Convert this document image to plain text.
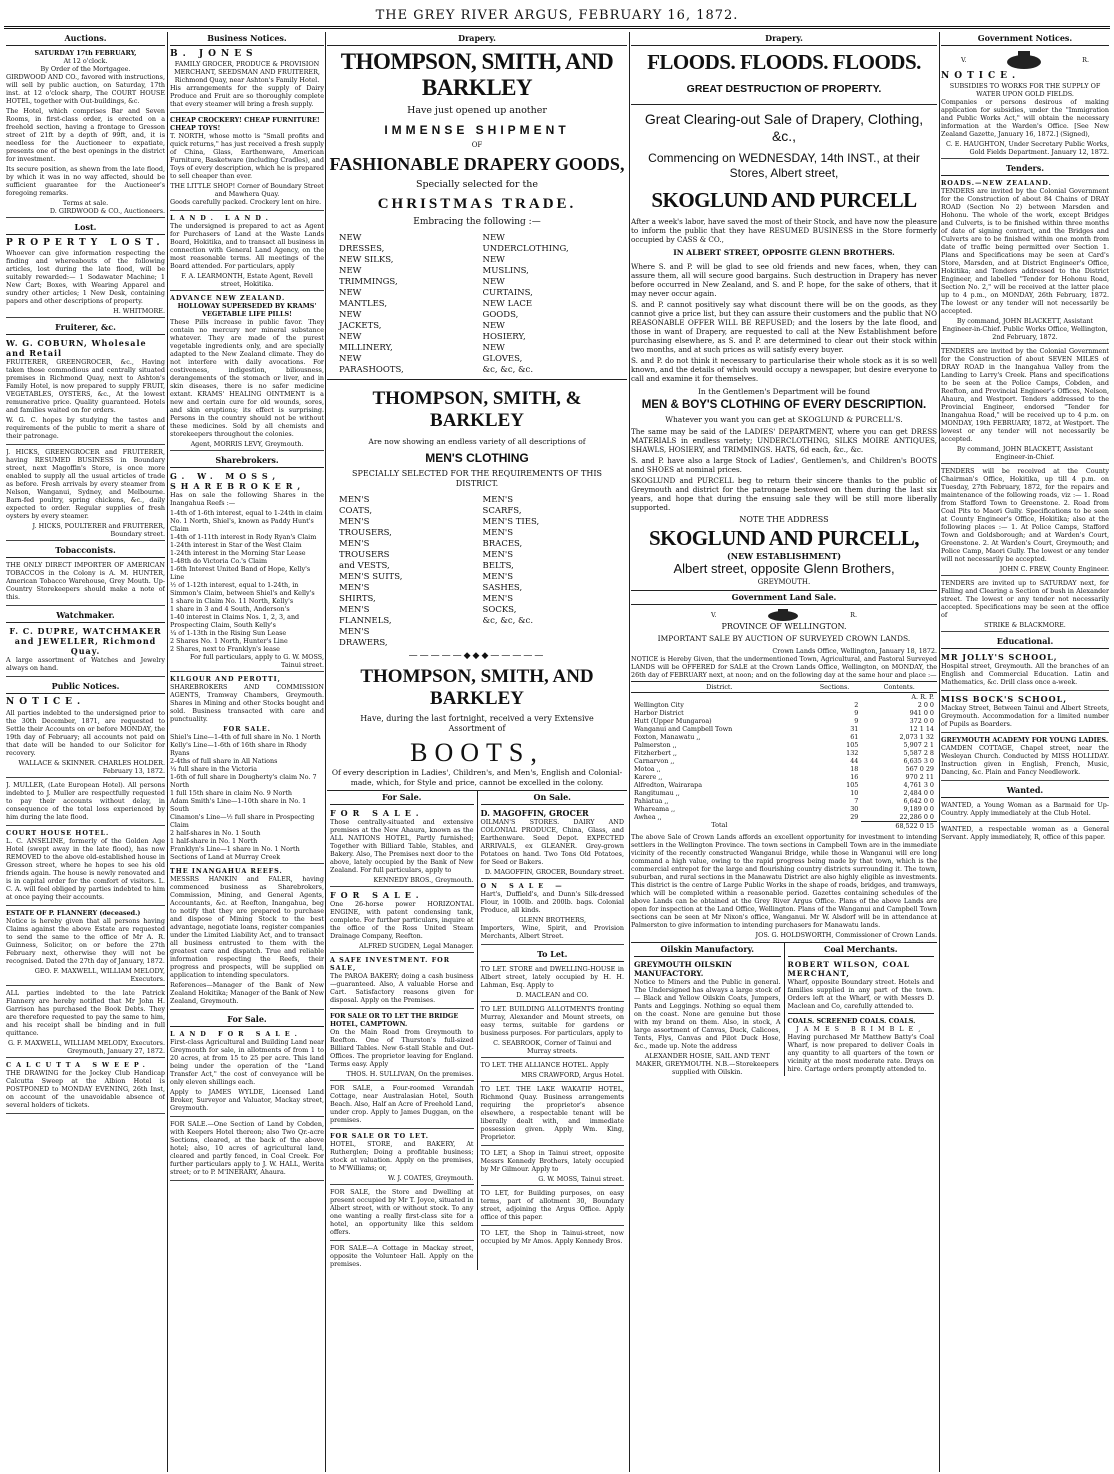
THE GREY RIVER ARGUS, FEBRUARY 16, 1872.
Auctions.
SATURDAY 17th FEBRUARY,
At 12 o'clock.
By Order of the Mortgagee.

GIRDWOOD AND CO., favored with instructions, will sell by public auction, on Saturday, 17th inst. at 12 o'clock sharp, The COURT HOUSE HOTEL, together with Out-buildings, &c.

The Hotel, which comprises Bar and Seven Rooms, in first-class order, is erected on a freehold section, having a frontage to Gresson street of 21ft by a depth of 99ft, and, it is needless for the Auctioneer to expatiate, presents one of the best openings in the district for investment.

Its secure position, as shewn from the late flood, by which it was in no way affected, should be sufficient guarantee for the Auctioneer's foregoing remarks.

Terms at sale.
D. GIRDWOOD & CO., Auctioneers.
Lost.
PROPERTY LOST.

Whoever can give information respecting the finding and whereabouts of the following articles, lost during the late flood, will be suitably rewarded:— 1 Sodawater Machine; 1 New Cart; Boxes, with Wearing Apparel and sundry other articles; 1 New Desk, containing papers and other descriptions of property.

H. WHITMORE.
Fruiterer, &c.
W. G. COBURN, Wholesale and Retail

FRUITERER, GREENGROCER, &c., Having taken those commodious and centrally situated premises in Richmond Quay, next to Ashton's Family Hotel, is now prepared to supply FRUIT, VEGETABLES, OYSTERS, &c., At the lowest remunerative price. Quality guaranteed. Hotels and families waited on for orders.

W. G. C. hopes by studying the tastes and requirements of the public to merit a share of their patronage.

J. HICKS, GREENGROCER and FRUITERER, having RESUMED BUSINESS in Boundary street, next Magoffin's Store, is once more enabled to supply all the usual articles of trade as before. Fresh arrivals by every steamer from Nelson, Wanganui, Sydney, and Melbourne. Barn-fed poultry, spring chickens, &c., daily expected to order. Regular supplies of fresh oysters by every steamer.

J. HICKS, POULTERER and FRUITERER, Boundary street.
Tobacconists.

THE ONLY DIRECT IMPORTER OF AMERICAN TOBACCOS in the Colony is A. M. HUNTER, American Tobacco Warehouse, Grey Mouth. Up-Country Storekeepers should make a note of this.

Watchmaker.
F. C. DUPRE, WATCHMAKER and JEWELLER, Richmond Quay.

A large assortment of Watches and Jewelry always on hand.

Public Notices.
NOTICE.

All parties indebted to the undersigned prior to the 30th December, 1871, are requested to Settle their Accounts on or before MONDAY, the 19th day of February; all accounts not paid on that date will be handed to our Solicitor for recovery.

WALLACE & SKINNER. CHARLES HOLDER. February 13, 1872.

J. MULLER, (Late European Hotel). All persons indebted to J. Muller are respectfully requested to pay their accounts without delay, in consequence of the total loss experienced by him during the late flood.

COURT HOUSE HOTEL.

L. C. ANSELINE, formerly of the Golden Age Hotel (swept away in the late flood), has now REMOVED to the above old-established house in Gresson street, where he hopes to see his old friends again. The house is newly renovated and is in capital order for the comfort of visitors. L. C. A. will feel obliged by parties indebted to him at once paying their accounts.

ESTATE OF P. FLANNERY (deceased.)

Notice is hereby given that all persons having Claims against the above Estate are requested to send the same to the office of Mr A. R. Guinness, Solicitor, on or before the 27th February next, otherwise they will not be recognised. Dated the 27th day of January, 1872.

GEO. F. MAXWELL, WILLIAM MELODY, Executors.

ALL parties indebted to the late Patrick Flannery are hereby notified that Mr John H. Garrison has purchased the Book Debts. They are therefore requested to pay the same to him, and his receipt shall be binding and in full quittance.

G. F. MAXWELL, WILLIAM MELODY, Executors. Greymouth, January 27, 1872.
CALCUTTA SWEEP.

THE DRAWING for the Jockey Club Handicap Calcutta Sweep at the Albion Hotel is POSTPONED to MONDAY EVENING, 26th Inst, on account of the unavoidable absence of several holders of tickets.

Business Notices.
B. JONES
FAMILY GROCER, PRODUCE & PROVISION MERCHANT, SEEDSMAN AND FRUITERER, Richmond Quay, near Ashton's Family Hotel.

His arrangements for the supply of Dairy Produce and Fruit are so thoroughly complete that every steamer will bring a fresh supply.

CHEAP CROCKERY! CHEAP FURNITURE! CHEAP TOYS!

T. NORTH, whose motto is "Small profits and quick returns," has just received a fresh supply of China, Glass, Earthenware, American Furniture, Basketware (including Cradles), and Toys of every description, which he is prepared to sell cheaper than ever.

THE LITTLE SHOP! Corner of Boundary Street and Mawhera Quay.

Goods carefully packed. Crockery lent on hire.

LAND. LAND.

The undersigned is prepared to act as Agent for Purchasers of Land at the Waste Lands Board, Hokitika, and to transact all business in connection with General Land Agency, on the most reasonable terms. All meetings of the Board attended. For particulars, apply

F. A. LEARMONTH, Estate Agent, Revell street, Hokitika.
ADVANCE NEW ZEALAND.
HOLLOWAY SUPERSEDED BY KRAMS' VEGETABLE LIFE PILLS!

These Pills increase in public favor. They contain no mercury nor mineral substance whatever. They are made of the purest vegetable ingredients only, and are specially adapted to the New Zealand climate. They do not interfere with daily avocations. For costiveness, indigestion, biliousness, derangements of the stomach or liver, and in skin diseases, there is no safer medicine extant. KRAMS' HEALING OINTMENT is a new and certain cure for old wounds, sores, and skin eruptions; its effect is surprising. Persons in the country should not be without these medicines. Sold by all chemists and storekeepers throughout the colonies.

Agent, MORRIS LEVY, Greymouth.
Sharebrokers.
G. W. MOSS, SHAREBROKER,

Has on sale the following Shares in the Inangahua Reefs :—

1-4th of 1-6th interest, equal to 1-24th in claim No. 1 North, Shiel's, known as Paddy Hunt's Claim
1-4th of 1-11th interest in Rody Ryan's Claim
1-24th interest in Star of the West Claim
1-24th interest in the Morning Star Lease
1-48th do Victoria Co.'s Claim
1-6th Interest United Band of Hope, Kelly's Line
½ of 1-12th interest, equal to 1-24th, in Simmon's Claim, between Shiel's and Kelly's
1 share in Claim No. 11 North, Kelly's
1 share in 3 and 4 South, Anderson's
1-40 interest in Claims Nos. 1, 2, 3, and Prospecting Claim, South Kelly's
¼ of 1-13th in the Rising Sun Lease
2 Shares No. 1 North, Hunter's Line
2 Shares, next to Franklyn's lease
For full particulars, apply to G. W. MOSS, Tainui street.
KILGOUR AND PEROTTI,

SHAREBROKERS AND COMMISSION AGENTS, Tramway Chambers, Greymouth. Shares in Mining and other Stocks bought and sold. Business transacted with care and punctuality.

FOR SALE.
Shiel's Line—1-4th of full share in No. 1 North
Kelly's Line—1-6th of 16th share in Rhody Ryans
2-4ths of full share in All Nations
¼ full share in the Victoria
1-6th of full share in Dougherty's claim No. 7 North
1 full 15th share in claim No. 9 North
Adam Smith's Line—1-10th share in No. 1 South
Cinamon's Line—½ full share in Prospecting Claim
2 half-shares in No. 1 South
1 half-share in No. 1 North
Franklyn's Line—1 share in No. 1 North Sections of Land at Murray Creek
THE INANGAHUA REEFS.

MESSRS HANKIN and FALER, having commenced business as Sharebrokers, Commission, Mining, and General Agents, Accountants, &c. at Reefton, Inangahua, beg to notify that they are prepared to purchase and dispose of Mining Stock to the best advantage, negotiate loans, register companies under the Limited Liability Act, and to transact all business entrusted to them with the greatest care and dispatch. True and reliable information respecting the Reefs, their progress and prospects, will be supplied on application to intending speculators.

References—Manager of the Bank of New Zealand Hokitika; Manager of the Bank of New Zealand, Greymouth.

For Sale.
LAND FOR SALE.

First-class Agricultural and Building Land near Greymouth for sale, in allotments of from 1 to 20 acres, at from 15 to 25 per acre. This land being under the operation of the "Land Transfer Act," the cost of conveyance will be only eleven shillings each.

Apply to JAMES WYLDE, Licensed Land Broker, Surveyor and Valuator, Mackay street, Greymouth.

FOR SALE.—One Section of Land by Cobden, with Keepers Hotel thereon; also Two Qr.-acre Sections, cleared, at the back of the above hotel; also, 10 acres of agricultural land, cleared and partly fenced, in Coal Creek. For further particulars apply to J. W. HALL, Werita street; or to P. M'INERARY, Ahaura.

Drapery.
THOMPSON, SMITH, AND BARKLEY
Have just opened up another
IMMENSE SHIPMENT
OF
FASHIONABLE DRAPERY GOODS,
Specially selected for the
CHRISTMAS TRADE.
Embracing the following :—
NEW DRESSES,
NEW SILKS,
NEW TRIMMINGS,
NEW MANTLES,
NEW JACKETS,
NEW MILLINERY,
NEW PARASHOOTS,
NEW UNDERCLOTHING,
NEW MUSLINS,
NEW CURTAINS,
NEW LACE GOODS,
NEW HOSIERY,
NEW GLOVES,
&c, &c, &c.
THOMPSON, SMITH, & BARKLEY
Are now showing an endless variety of all descriptions of
MEN'S CLOTHING
SPECIALLY SELECTED FOR THE REQUIREMENTS OF THIS DISTRICT.
MEN'S COATS,
MEN'S TROUSERS,
MEN'S TROUSERS and VESTS,
MEN'S SUITS,
MEN'S SHIRTS,
MEN'S FLANNELS,
MEN'S DRAWERS,
MEN'S SCARFS,
MEN'S TIES,
MEN'S BRACES,
MEN'S BELTS,
MEN'S SASHES,
MEN'S SOCKS,
&c, &c, &c.
—————◆◆◆—————
THOMPSON, SMITH, AND BARKLEY
Have, during the last fortnight, received a very Extensive Assortment of
BOOTS,
Of every description in Ladies', Children's, and Men's, English and Colonial-made, which, for Style and price, cannot be excelled in the colony.
For Sale.
FOR SALE.

Those centrally-situated and extensive premises at the New Ahaura, known as the ALL NATIONS HOTEL, Partly furnished; Together with Billiard Table, Stables, and Bakery. Also, The Premises next door to the above, lately occupied by the Bank of New Zealand. For full particulars, apply to

KENNEDY BROS., Greymouth.
FOR SALE.

One 26-horse power HORIZONTAL ENGINE, with patent condensing tank, complete. For further particulars, inquire at the office of the Ross United Steam Drainage Company, Reefton.

ALFRED SUGDEN, Legal Manager.
A SAFE INVESTMENT. FOR SALE,

The PAROA BAKERY; doing a cash business—guaranteed. Also, A valuable Horse and Cart. Satisfactory reasons given for disposal. Apply on the Premises.

FOR SALE OR TO LET THE BRIDGE HOTEL, CAMPTOWN.

On the Main Road from Greymouth to Reefton. One of Thurston's full-sized Billiard Tables. New 6-stall Stable and Out-Offices. The proprietor leaving for England. Terms easy. Apply

THOS. H. SULLIVAN, On the premises.

FOR SALE, a Four-roomed Verandah Cottage, near Australasian Hotel, South Beach. Also, Half an Acre of Freehold Land, under crop. Apply to James Duggan, on the premises.

FOR SALE OR TO LET.

HOTEL, STORE, and BAKERY, At Rutherglen; Doing a profitable business; stock at valuation. Apply on the premises, to M'Williams; or,

W. J. COATES, Greymouth.

FOR SALE, the Store and Dwelling at present occupied by Mr T. Joyce, situated in Albert street, with or without stock. To any one wanting a really first-class site for a hotel, an opportunity like this seldom offers.

FOR SALE—A Cottage in Mackay street, opposite the Volunteer Hall. Apply on the premises.

On Sale.
D. MAGOFFIN, GROCER

OILMAN'S STORES. DAIRY AND COLONIAL PRODUCE, China, Glass, and Earthenware. Seed Depot. EXPECTED ARRIVALS, ex GLEANER. Grey-grown Potatoes on hand. Two Tons Old Potatoes, for Seed or Bakers.

D. MAGOFFIN, GROCER, Boundary street.
ON SALE —

Hart's, Duffield's, and Dunn's Silk-dressed Flour, in 100lb. and 200lb. bags. Colonial Produce, all kinds.

GLENN BROTHERS,

Importers, Wine, Spirit, and Provision Merchants, Albert Street.

To Let.

TO LET. STORE and DWELLING-HOUSE in Albert street, lately occupied by H. H. Lahman, Esq. Apply to

D. MACLEAN and CO.

TO LET. BUILDING ALLOTMENTS fronting Murray, Alexander and Mount streets, on easy terms, suitable for gardens or business purposes. For particulars, apply to

C. SEABROOK, Corner of Tainui and Murray streets.

TO LET. THE ALLIANCE HOTEL. Apply

MRS CRAWFORD, Argus Hotel.

TO LET. THE LAKE WAKATIP HOTEL, Richmond Quay. Business arrangements requiring the proprietor's absence elsewhere, a respectable tenant will be liberally dealt with, and immediate possession given. Apply Wm. King, Proprietor.

TO LET, a Shop in Tainui street, opposite Messrs Kennedy Brothers, lately occupied by Mr Gilmour. Apply to

G. W. MOSS, Tainui street.

TO LET, for Building purposes, on easy terms, part of allotment 30, Boundary street, adjoining the Argus Office. Apply office of this paper.

TO LET, the Shop in Tainui-street, now occupied by Mr Amos. Apply Kennedy Bros.

Drapery.
FLOODS. FLOODS. FLOODS.
GREAT DESTRUCTION OF PROPERTY.
Great Clearing-out Sale of Drapery, Clothing, &c.,
Commencing on WEDNESDAY, 14th INST., at their Stores, Albert street,
SKOGLUND AND PURCELL

After a week's labor, have saved the most of their Stock, and have now the pleasure to inform the public that they have RESUMED BUSINESS in the Store formerly occupied by CASS & CO.,

IN ALBERT STREET, OPPOSITE GLENN BROTHERS.

Where S. and P. will be glad to see old friends and new faces, when, they can assure them, all will secure good bargains. Such destruction in Drapery has never before occurred in New Zealand, and S. and P. hope, for the sake of others, that it may never occur again.

S. and P. cannot positively say what discount there will be on the goods, as they cannot give a price list, but they can assure their customers and the public that NO REASONABLE OFFER WILL BE REFUSED; and the losers by the late flood, and those in want of Drapery, are requested to call at the New Establishment before purchasing elsewhere, as S. and P. are determined to clear out their stock within two months, and at such prices as will satisfy every buyer.

S. and P. do not think it necessary to particularise their whole stock as it is so well known, and the details of which would occupy a newspaper, but desire everyone to call and examine it for themselves.

In the Gentlemen's Department will be found
MEN & BOY'S CLOTHING OF EVERY DESCRIPTION.
Whatever you want you can get at SKOGLUND & PURCELL'S.

The same may be said of the LADIES' DEPARTMENT, where you can get DRESS MATERIALS in endless variety; UNDERCLOTHING, SILKS MOIRE ANTIQUES, SHAWLS, HOSIERY, and TRIMMINGS. HATS, 6d each, &c., &c.

S. and P. have also a large Stock of Ladies', Gentlemen's, and Children's BOOTS and SHOES at nominal prices.

SKOGLUND and PURCELL beg to return their sincere thanks to the public of Greymouth and district for the patronage bestowed on them during the last six years, and hope that during the ensuing sale they will be still more liberally supported.

NOTE THE ADDRESS
SKOGLUND AND PURCELL,
(NEW ESTABLISHMENT)
Albert street, opposite Glenn Brothers,
GREYMOUTH.
Government Land Sale.
V.	R.
PROVINCE OF WELLINGTON.
IMPORTANT SALE BY AUCTION OF SURVEYED CROWN LANDS.
Crown Lands Office, Wellington, January 18, 1872.

NOTICE is Hereby Given, that the undermentioned Town, Agricultural, and Pastoral Surveyed LANDS will be OFFERED for SALE at the Crown Lands Office, Wellington, on MONDAY, the 26th day of FEBRUARY next, at noon; and on the following day at the same hour and place :—

District.	Sections.	Contents.
		A. R. P.
Wellington City	2	2 0 0
Harbor District	9	941 0 0
Hutt (Upper Mungaroa)	9	372 0 0
Wanganui and Campbell Town	31	12 1 14
Foxton, Manawatu ,,	61	2,073 1 32
Palmerston ,,	105	5,907 2 1
Fitzherbert ,,	132	5,587 2 8
Carnarvon ,,	44	6,635 3 0
Motoa ,,	18	567 0 29
Karere ,,	16	970 2 11
Alfredton, Wairarapa	105	4,761 3 0
Rangitumau ,,	10	2,484 0 0
Pahiatua ,,	7	6,642 0 0
Whareama ,,	30	9,189 0 0
Awhea ,,	29	22,286 0 0
Total		68,522 0 15

The above Sale of Crown Lands affords an excellent opportunity for investment to intending settlers in the Wellington Province. The town sections in Campbell Town are in the immediate vicinity of the recently constructed Wanganui Bridge, while those in Wanganui will ere long command a high value, owing to the rapid progress being made by that town, which is the commercial entrepot for the large and flourishing country districts surrounding it. The town, suburban, and rural sections in the Manawatu District are also highly eligible as investments. This district is the centre of Large Public Works in the shape of roads, bridges, and tramways, which will be completed within a reasonable period. Gazettes containing schedules of the above Lands can be obtained at the Grey River Argus Office. Plans of the above Lands are open for inspection at the Land Office, Wellington. Plans of the Wanganui and Campbell Town sections can be seen at Mr Nixon's office, Wanganui. Mr W. Alsdorf will be in attendance at Palmerston to give information to intending purchasers for Manawatu lands.

JOS. G. HOLDSWORTH, Commissioner of Crown Lands.
Oilskin Manufactory.
GREYMOUTH OILSKIN MANUFACTORY.

Notice to Miners and the Public in general. The Undersigned has always a large stock of— Black and Yellow Oilskin Coats, Jumpers, Pants and Leggings. Nothing so equal them on the coast. None are genuine but those with my brand on them. Also, in stock, A large assortment of Canvas, Duck, Calicoes, Tents, Flys, Canvas and Pilot Duck Hose, &c., made up. Note the address

ALEXANDER HOSIE, SAIL AND TENT MAKER, GREYMOUTH. N.B.—Storekeepers supplied with Oilskin.
Coal Merchants.
ROBERT WILSON, COAL MERCHANT,

Wharf, opposite Boundary street. Hotels and families supplied in any part of the town. Orders left at the Wharf, or with Messrs D. Maclean and Co, carefully attended to.

COALS. SCREENED COALS. COALS.
JAMES BRIMBLE,

Having purchased Mr Matthew Batty's Coal Wharf, is now prepared to deliver Coals in any quantity to all quarters of the town or vicinity at the most moderate rate. Drays on hire. Cartage orders promptly attended to.

Government Notices.
V.	R.
NOTICE.
SUBSIDIES TO WORKS FOR THE SUPPLY OF WATER UPON GOLD FIELDS.

Companies or persons desirous of making application for subsidies, under the "Immigration and Public Works Act," will obtain the necessary information at the Warden's Office. [See New Zealand Gazette, January 16, 1872.] (Signed),

C. E. HAUGHTON, Under Secretary Public Works, Gold Fields Department. January 12, 1872.
Tenders.
ROADS.—NEW ZEALAND.

TENDERS are invited by the Colonial Government for the Construction of about 84 Chains of DRAY ROAD (Section No 2) between Marsden and Hohonu. The whole of the work, except Bridges and Culverts, is to be finished within three months of date of signing contract, and the Bridges and Culverts are to be finished within one month from date of traffic being permitted over Section 1. Plans and Specifications may be seen at Card's Store, Marsden, and at District Engineer's Office, Hokitika; and Tenders addressed to the District Engineer, and labelled "Tender for Hohonu Road, Section No. 2," will be received at the latter place up to 4 p.m., on MONDAY, 26th February, 1872. The lowest or any tender will not necessarily be accepted.

By command, JOHN BLACKETT, Assistant Engineer-in-Chief. Public Works Office, Wellington, 2nd February, 1872.

TENDERS are invited by the Colonial Government for the Construction of about SEVEN MILES of DRAY ROAD in the Inangahua Valley from the Landing to Larry's Creek. Plans and specifications to be seen at the Police Camps, Cobden, and Reefton, and Provincial Engineer's Offices, Nelson, Ahaura, and Westport. Tenders addressed to the Provincial Engineer, endorsed "Tender for Inangahua Road," will be received up to 4 p.m. on MONDAY, 19th FEBRUARY, 1872, at Westport. The lowest or any tender will not necessarily be accepted.

By command, JOHN BLACKETT, Assistant Engineer-in-Chief.

TENDERS will be received at the County Chairman's Office, Hokitika, up till 4 p.m. on Tuesday, 27th February, 1872, for the repairs and maintenance of the following roads, viz :— 1. Road from Stafford Town to Greenstone. 2. Road from Coal Pits to Maori Gully. Specifications to be seen at County Engineer's Office, Hokitika; also at the following places :— 1. At Police Camps, Stafford Town and Goldsborough; and at Warden's Court, Greenstone. 2. At Warden's Court, Greymouth; and Police Camp, Maori Gully. The lowest or any tender will not necessarily be accepted.

JOHN C. FREW, County Engineer.

TENDERS are invited up to SATURDAY next, for Falling and Clearing a Section of bush in Alexander street. The lowest or any tender not necessarily accepted. Specifications may be seen at the office of

STRIKE & BLACKMORE.
Educational.
MR JOLLY'S SCHOOL,

Hospital street, Greymouth. All the branches of an English and Commercial Education. Latin and Mathematics, &c. Drill class once a-week.

MISS BOCK'S SCHOOL,

Mackay Street, Between Tainui and Albert Streets, Greymouth. Accommodation for a limited number of Pupils as Boarders.

GREYMOUTH ACADEMY FOR YOUNG LADIES.

CAMDEN COTTAGE, Chapel street, near the Wesleyan Church. Conducted by MISS HOLLIDAY. Instruction given in English, French, Music, Dancing, &c. Plain and Fancy Needlework.

Wanted.

WANTED, a Young Woman as a Barmaid for Up-Country. Apply immediately at the Club Hotel.

WANTED, a respectable woman as a General Servant. Apply immediately, R, office of this paper.
